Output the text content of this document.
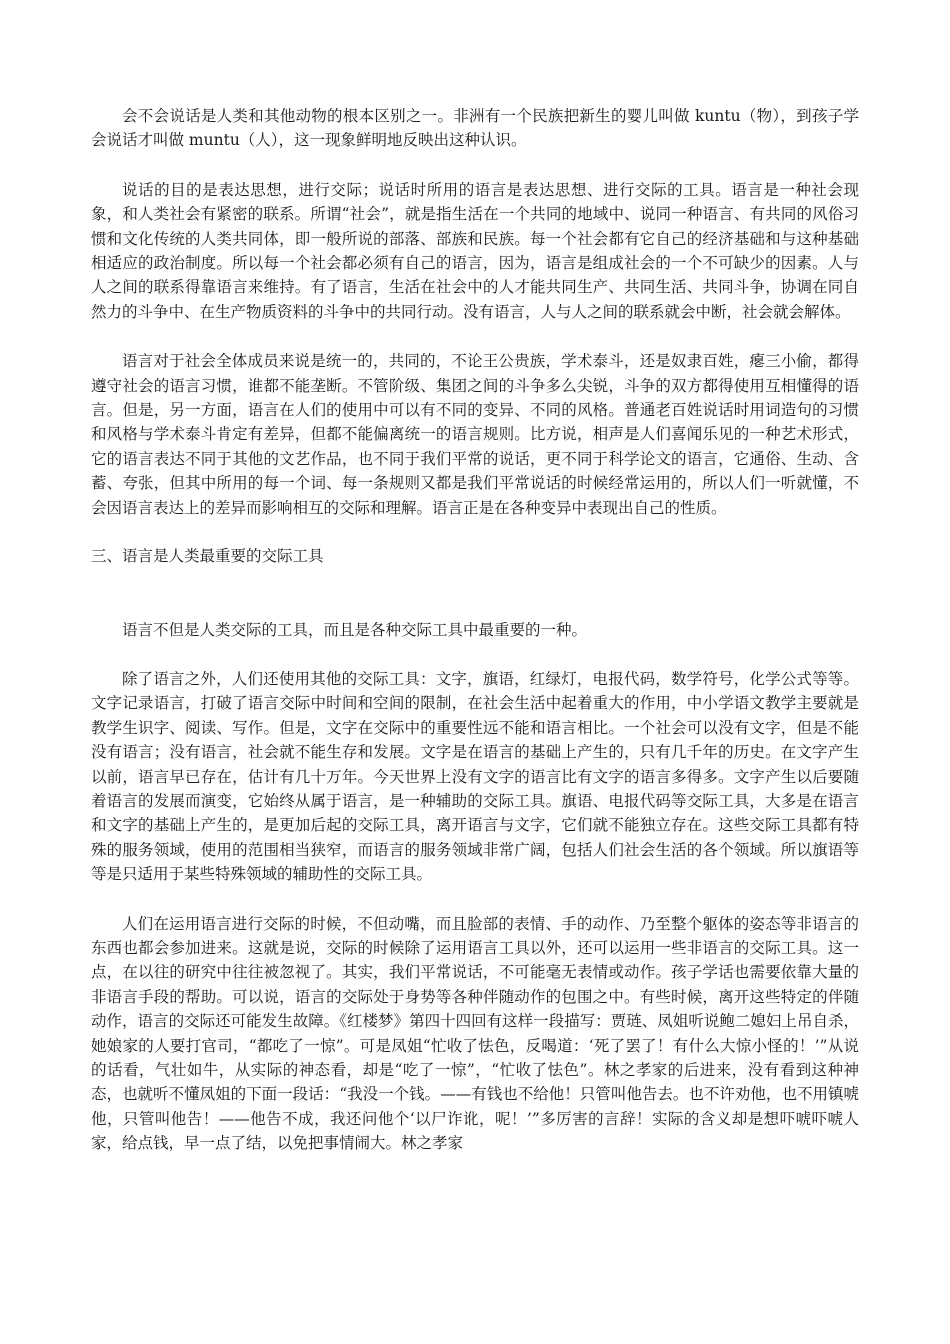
会不会说话是人类和其他动物的根本区别之一。非洲有一个民族把新生的婴儿叫做 kuntu（物），到孩子学会说话才叫做 muntu（人），这一现象鲜明地反映出这种认识。

说话的目的是表达思想，进行交际；说话时所用的语言是表达思想、进行交际的工具。语言是一种社会现象，和人类社会有紧密的联系。所谓“社会”，就是指生活在一个共同的地域中、说同一种语言、有共同的风俗习惯和文化传统的人类共同体，即一般所说的部落、部族和民族。每一个社会都有它自己的经济基础和与这种基础相适应的政治制度。所以每一个社会都必须有自己的语言，因为，语言是组成社会的一个不可缺少的因素。人与人之间的联系得靠语言来维持。有了语言，生活在社会中的人才能共同生产、共同生活、共同斗争，协调在同自然力的斗争中、在生产物质资料的斗争中的共同行动。没有语言，人与人之间的联系就会中断，社会就会解体。

语言对于社会全体成员来说是统一的，共同的，不论王公贵族，学术泰斗，还是奴隶百姓，瘪三小偷，都得遵守社会的语言习惯，谁都不能垄断。不管阶级、集团之间的斗争多么尖锐，斗争的双方都得使用互相懂得的语言。但是，另一方面，语言在人们的使用中可以有不同的变异、不同的风格。普通老百姓说话时用词造句的习惯和风格与学术泰斗肯定有差异，但都不能偏离统一的语言规则。比方说，相声是人们喜闻乐见的一种艺术形式，它的语言表达不同于其他的文艺作品，也不同于我们平常的说话，更不同于科学论文的语言，它通俗、生动、含蓄、夸张，但其中所用的每一个词、每一条规则又都是我们平常说话的时候经常运用的，所以人们一听就懂，不会因语言表达上的差异而影响相互的交际和理解。语言正是在各种变异中表现出自己的性质。

三、语言是人类最重要的交际工具

语言不但是人类交际的工具，而且是各种交际工具中最重要的一种。

除了语言之外，人们还使用其他的交际工具：文字，旗语，红绿灯，电报代码，数学符号，化学公式等等。文字记录语言，打破了语言交际中时间和空间的限制，在社会生活中起着重大的作用，中小学语文教学主要就是教学生识字、阅读、写作。但是，文字在交际中的重要性远不能和语言相比。一个社会可以没有文字，但是不能没有语言；没有语言，社会就不能生存和发展。文字是在语言的基础上产生的，只有几千年的历史。在文字产生以前，语言早已存在，估计有几十万年。今天世界上没有文字的语言比有文字的语言多得多。文字产生以后要随着语言的发展而演变，它始终从属于语言，是一种辅助的交际工具。旗语、电报代码等交际工具，大多是在语言和文字的基础上产生的，是更加后起的交际工具，离开语言与文字，它们就不能独立存在。这些交际工具都有特殊的服务领域，使用的范围相当狭窄，而语言的服务领域非常广阔，包括人们社会生活的各个领域。所以旗语等等是只适用于某些特殊领域的辅助性的交际工具。

人们在运用语言进行交际的时候，不但动嘴，而且脸部的表情、手的动作、乃至整个躯体的姿态等非语言的东西也都会参加进来。这就是说，交际的时候除了运用语言工具以外，还可以运用一些非语言的交际工具。这一点，在以往的研究中往往被忽视了。其实，我们平常说话，不可能毫无表情或动作。孩子学话也需要依靠大量的非语言手段的帮助。可以说，语言的交际处于身势等各种伴随动作的包围之中。有些时候，离开这些特定的伴随动作，语言的交际还可能发生故障。《红楼梦》第四十四回有这样一段描写：贾琏、凤姐听说鲍二媳妇上吊自杀，她娘家的人要打官司，“都吃了一惊”。可是凤姐“忙收了怯色，反喝道：‘死了罢了！有什么大惊小怪的！’”从说的话看，气壮如牛，从实际的神态看，却是“吃了一惊”，“忙收了怯色”。林之孝家的后进来，没有看到这种神态，也就听不懂凤姐的下面一段话：“我没一个钱。——有钱也不给他！只管叫他告去。也不许劝他，也不用镇唬他，只管叫他告！——他告不成，我还问他个‘以尸诈讹，呢！’”多厉害的言辞！实际的含义却是想吓唬吓唬人家，给点钱，早一点了结，以免把事情闹大。林之孝家
